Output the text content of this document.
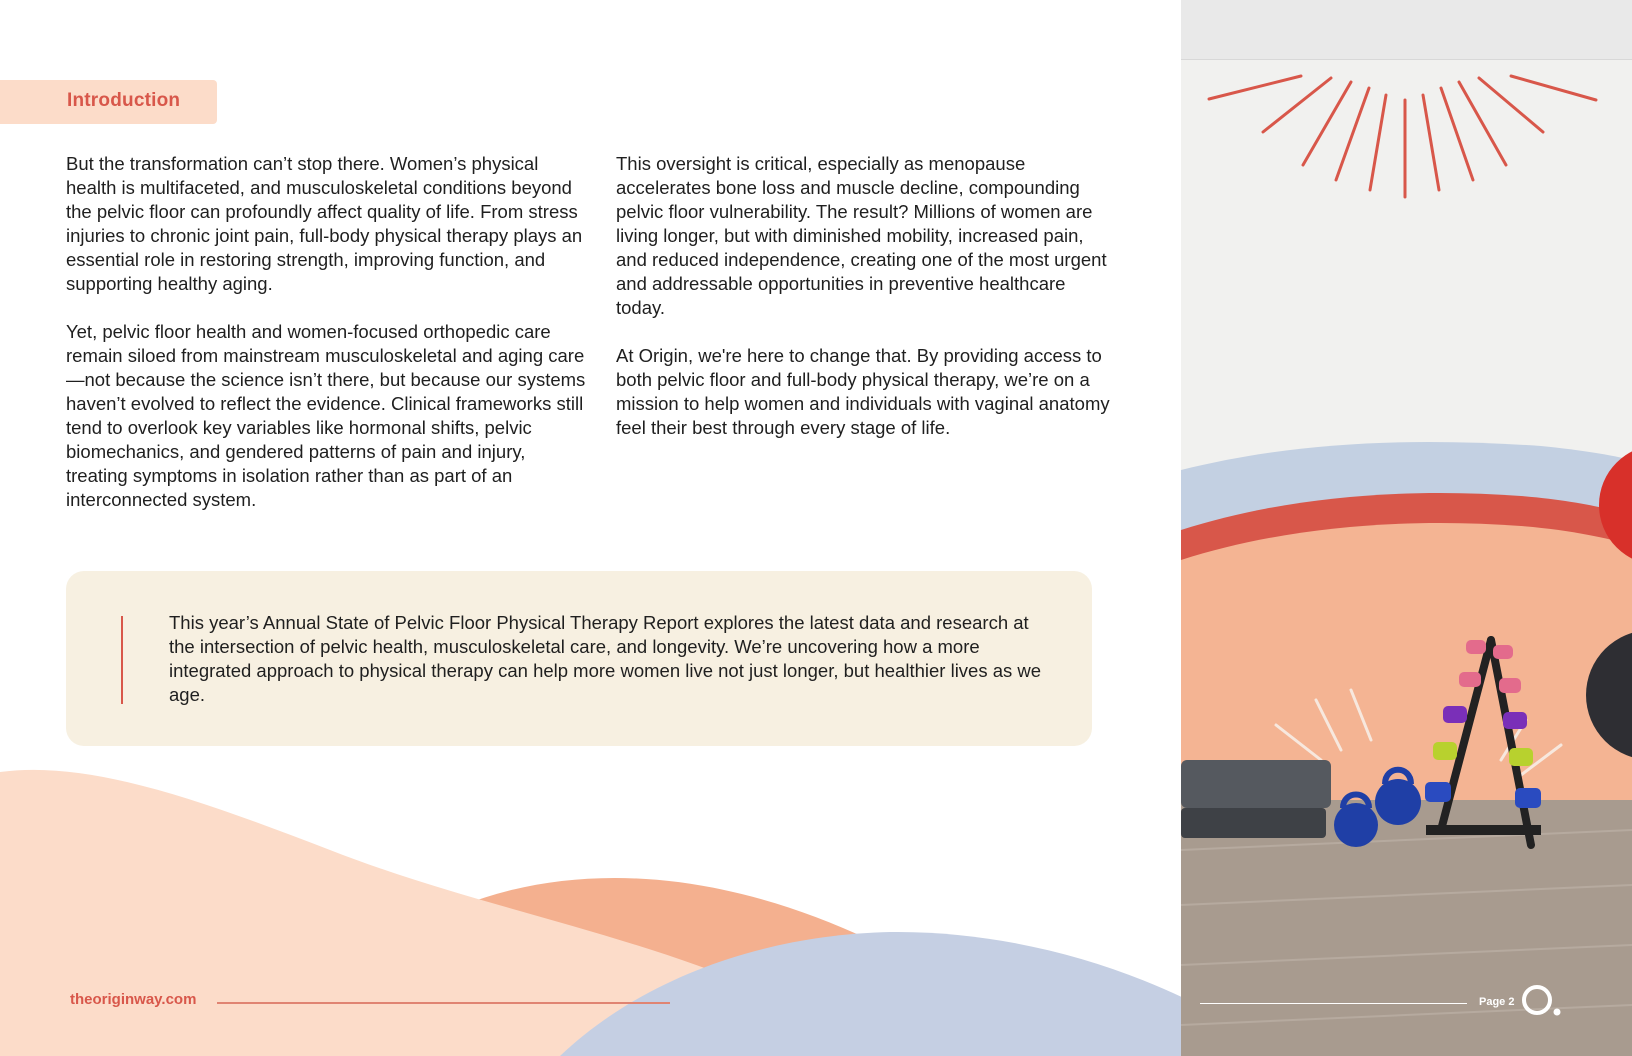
Introduction

But the transformation can’t stop there. Women’s physical health is multifaceted, and musculoskeletal conditions beyond the pelvic floor can profoundly affect quality of life. From stress injuries to chronic joint pain, full-body physical therapy plays an essential role in restoring strength, improving function, and supporting healthy aging.

Yet, pelvic floor health and women-focused orthopedic care remain siloed from mainstream musculoskeletal and aging care—not because the science isn’t there, but because our systems haven’t evolved to reflect the evidence. Clinical frameworks still tend to overlook key variables like hormonal shifts, pelvic biomechanics, and gendered patterns of pain and injury, treating symptoms in isolation rather than as part of an interconnected system.

This oversight is critical, especially as menopause accelerates bone loss and muscle decline, compounding pelvic floor vulnerability. The result? Millions of women are living longer, but with diminished mobility, increased pain, and reduced independence, creating one of the most urgent and addressable opportunities in preventive healthcare today.

At Origin, we're here to change that. By providing access to both pelvic floor and full-body physical therapy, we’re on a mission to help women and individuals with vaginal anatomy feel their best through every stage of life.

This year’s Annual State of Pelvic Floor Physical Therapy Report explores the latest data and research at the intersection of pelvic health, musculoskeletal care, and longevity. We’re uncovering how a more integrated approach to physical therapy can help more women live not just longer, but healthier lives as we age.

theoriginway.com	Page 2
